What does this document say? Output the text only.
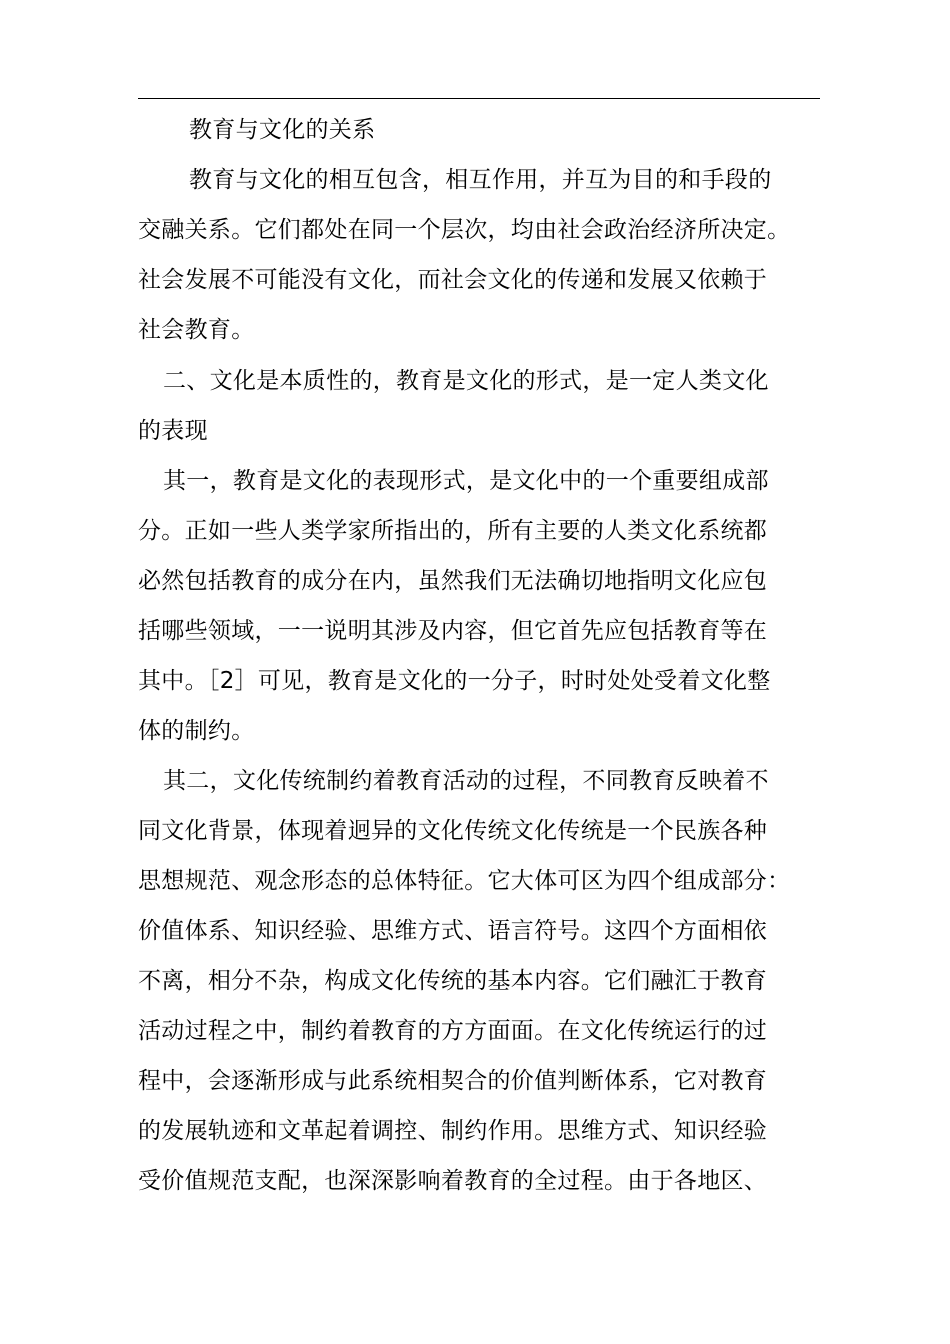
教育与文化的关系
教育与文化的相互包含，相互作用，并互为目的和手段的
交融关系。它们都处在同一个层次，均由社会政治经济所决定。
社会发展不可能没有文化，而社会文化的传递和发展又依赖于
社会教育。
二、文化是本质性的，教育是文化的形式，是一定人类文化
的表现
其一，教育是文化的表现形式，是文化中的一个重要组成部
分。正如一些人类学家所指出的，所有主要的人类文化系统都
必然包括教育的成分在内，虽然我们无法确切地指明文化应包
括哪些领域，一一说明其涉及内容，但它首先应包括教育等在
其中。［2］可见，教育是文化的一分子，时时处处受着文化整
体的制约。
其二，文化传统制约着教育活动的过程，不同教育反映着不
同文化背景，体现着迥异的文化传统文化传统是一个民族各种
思想规范、观念形态的总体特征。它大体可区为四个组成部分：
价值体系、知识经验、思维方式、语言符号。这四个方面相依
不离，相分不杂，构成文化传统的基本内容。它们融汇于教育
活动过程之中，制约着教育的方方面面。在文化传统运行的过
程中，会逐渐形成与此系统相契合的价值判断体系，它对教育
的发展轨迹和文革起着调控、制约作用。思维方式、知识经验
受价值规范支配，也深深影响着教育的全过程。由于各地区、
